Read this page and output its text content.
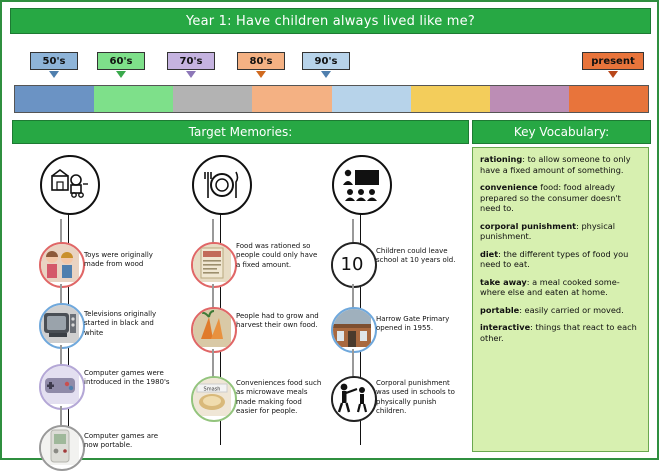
Year 1: Have children always lived like me?
50's	60's	70's	80's	90's	present
Target Memories:	Key Vocabulary:
Toys were originally made from wood
Televisions originally started in black and white
Computer games were introduced in the 1980's
Computer games are now portable.
Food was rationed so people could only have a fixed amount.
People had to grow and harvest their own food.
Smash
Conveniences food such as microwave meals made making food easier for people.
10
Children could leave school at 10 years old.
Harrow Gate Primary opened in 1955.
Corporal punishment was used in schools to physically punish children.
rationing: to allow someone to only have a fixed amount of something.
convenience food: food already prepared so the consumer doesn't need to.
corporal punishment: physical punishment.
diet: the different types of food you need to eat.
take away: a meal cooked some-where else and eaten at home.
portable: easily carried or moved.
interactive: things that react to each other.
